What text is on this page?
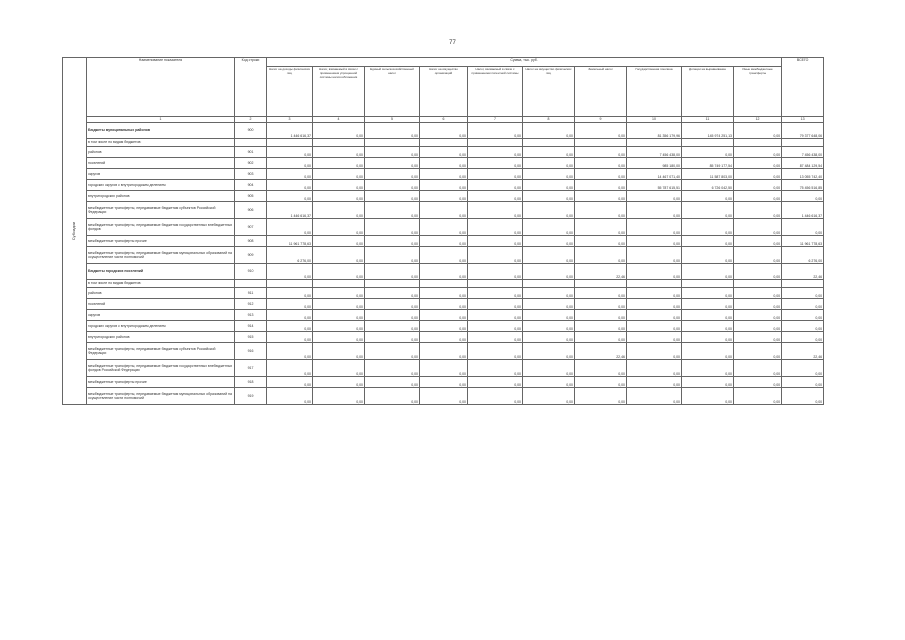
77
Субсидии	Наименование показателя	Код строки	Сумма, тыс. руб.										ВСЕГО
			Налог на доходы физических лиц	Налог, взимаемый в связи с применением упрощенной системы налогообложения	Единый сельскохозяйственный налог	Налог на имущество организаций	Налог, взимаемый в связи с применением патентной системы	Налог на имущество физических лиц	Земельный налог	Государственная пошлина	Дотации на выравнивание	Иные межбюджетные трансферты	
	1	2	3	4	5	6	7	8	9	10	11	12	13
	Бюджеты муниципальных районов	900	1 446 616,37	0,00	0,00	0,00	0,00	0,00	0,00	81 356 179,96	145 974 251,13	0,00	79 377 648,06
	в том числе по видам бюджетов:												
	районов	901	0,00	0,00	0,00	0,00	0,00	0,00	0,00	7 456 438,00	0,00	0,00	7 456 438,00
	поселений	902	0,00	0,00	0,00	0,00	0,00	0,00	0,00	985 180,00	85 749 177,54	0,00	87 484 129,54
	округов	903	0,00	0,00	0,00	0,00	0,00	0,00	0,00	14 467 071,40	11 587 803,00	0,00	13 055 742,40
	городских округов с внутригородским делением	904	0,00	0,00	0,00	0,00	0,00	0,00	0,00	55 787 615,51	6 726 042,50	0,00	75 456 516,85
	внутригородских районов	905	0,00	0,00	0,00	0,00	0,00	0,00	0,00	0,00	0,00	0,00	0,00
	межбюджетные трансферты, передаваемые бюджетам субъектов Российской Федерации	906	1 446 616,37	0,00	0,00	0,00	0,00	0,00	0,00	0,00	0,00	0,00	1 446 616,37
	межбюджетные трансферты, передаваемые бюджетам государственных внебюджетных фондов	907	0,00	0,00	0,00	0,00	0,00	0,00	0,00	0,00	0,00	0,00	0,00
	межбюджетные трансферты прочие	908	11 961 778,63	0,00	0,00	0,00	0,00	0,00	0,00	0,00	0,00	0,00	11 961 778,63
	межбюджетные трансферты, передаваемые бюджетам муниципальных образований на осуществление части полномочий	909	6 276,00	0,00	0,00	0,00	0,00	0,00	0,00	0,00	0,00	0,00	6 276,00
	Бюджеты городских поселений	910	0,00	0,00	0,00	0,00	0,00	0,00	22,46	0,00	0,00	0,00	22,46
	в том числе по видам бюджетов:												
	районов	911	0,00	0,00	0,00	0,00	0,00	0,00	0,00	0,00	0,00	0,00	0,00
	поселений	912	0,00	0,00	0,00	0,00	0,00	0,00	0,00	0,00	0,00	0,00	0,00
	округов	913	0,00	0,00	0,00	0,00	0,00	0,00	0,00	0,00	0,00	0,00	0,00
	городских округов с внутригородским делением	914	0,00	0,00	0,00	0,00	0,00	0,00	0,00	0,00	0,00	0,00	0,00
	внутригородских районов	915	0,00	0,00	0,00	0,00	0,00	0,00	0,00	0,00	0,00	0,00	0,00
	межбюджетные трансферты, передаваемые бюджетам субъектов Российской Федерации	916	0,00	0,00	0,00	0,00	0,00	0,00	22,46	0,00	0,00	0,00	22,46
	межбюджетные трансферты, передаваемые бюджетам государственных внебюджетных фондов Российской Федерации	917	0,00	0,00	0,00	0,00	0,00	0,00	0,00	0,00	0,00	0,00	0,00
	межбюджетные трансферты прочие	918	0,00	0,00	0,00	0,00	0,00	0,00	0,00	0,00	0,00	0,00	0,00
	межбюджетные трансферты, передаваемые бюджетам муниципальных образований на осуществление части полномочий	919	0,00	0,00	0,00	0,00	0,00	0,00	0,00	0,00	0,00	0,00	0,00
